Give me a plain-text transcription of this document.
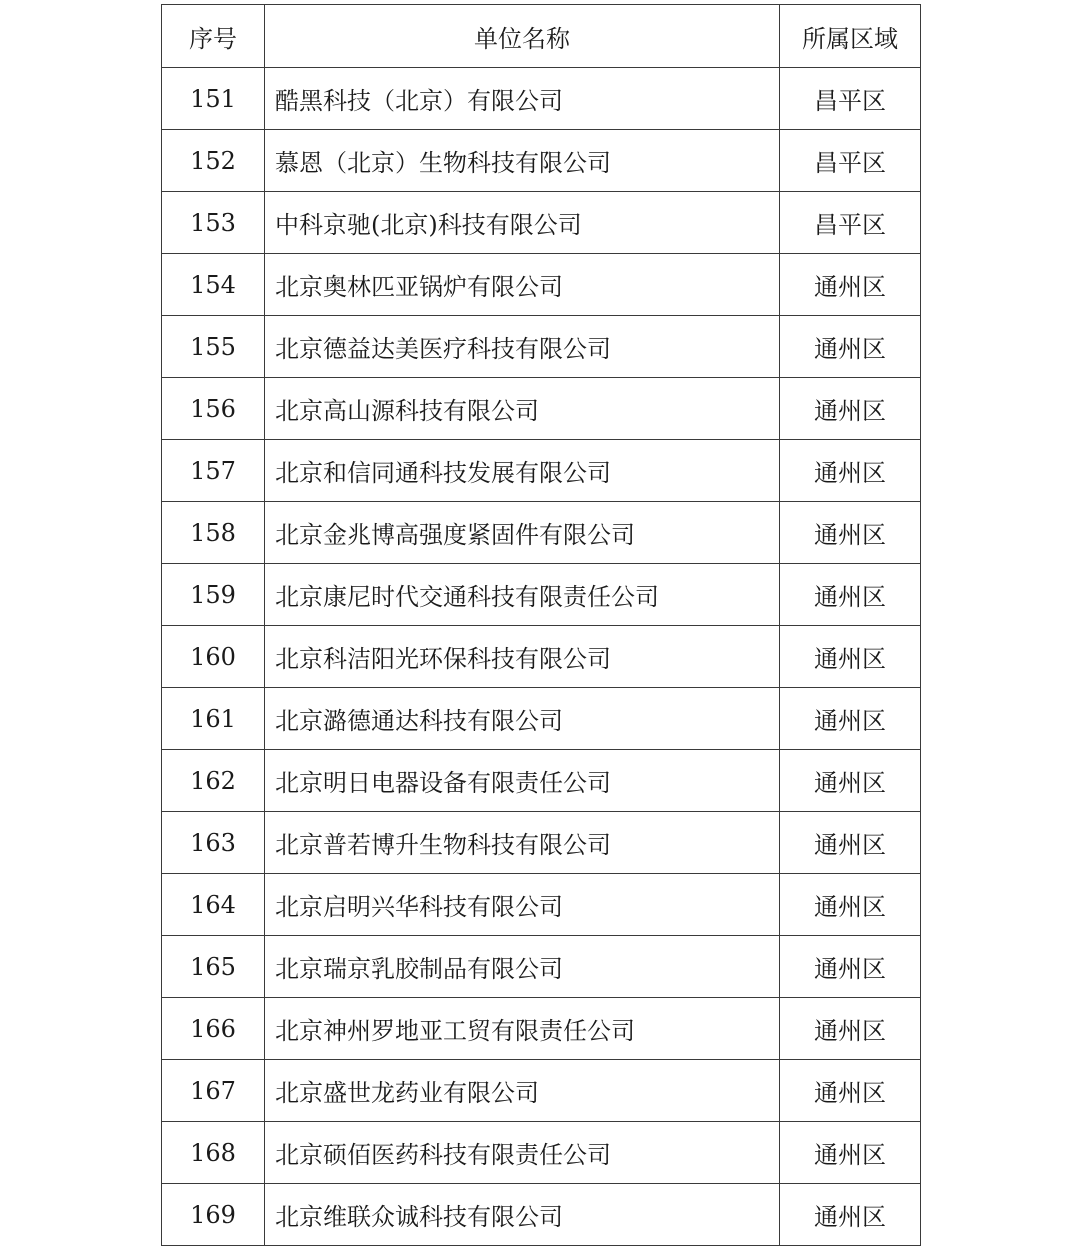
序号	单位名称	所属区域
151	酷黑科技（北京）有限公司	昌平区
152	慕恩（北京）生物科技有限公司	昌平区
153	中科京驰(北京)科技有限公司	昌平区
154	北京奥林匹亚锅炉有限公司	通州区
155	北京德益达美医疗科技有限公司	通州区
156	北京高山源科技有限公司	通州区
157	北京和信同通科技发展有限公司	通州区
158	北京金兆博高强度紧固件有限公司	通州区
159	北京康尼时代交通科技有限责任公司	通州区
160	北京科洁阳光环保科技有限公司	通州区
161	北京潞德通达科技有限公司	通州区
162	北京明日电器设备有限责任公司	通州区
163	北京普若博升生物科技有限公司	通州区
164	北京启明兴华科技有限公司	通州区
165	北京瑞京乳胶制品有限公司	通州区
166	北京神州罗地亚工贸有限责任公司	通州区
167	北京盛世龙药业有限公司	通州区
168	北京硕佰医药科技有限责任公司	通州区
169	北京维联众诚科技有限公司	通州区
